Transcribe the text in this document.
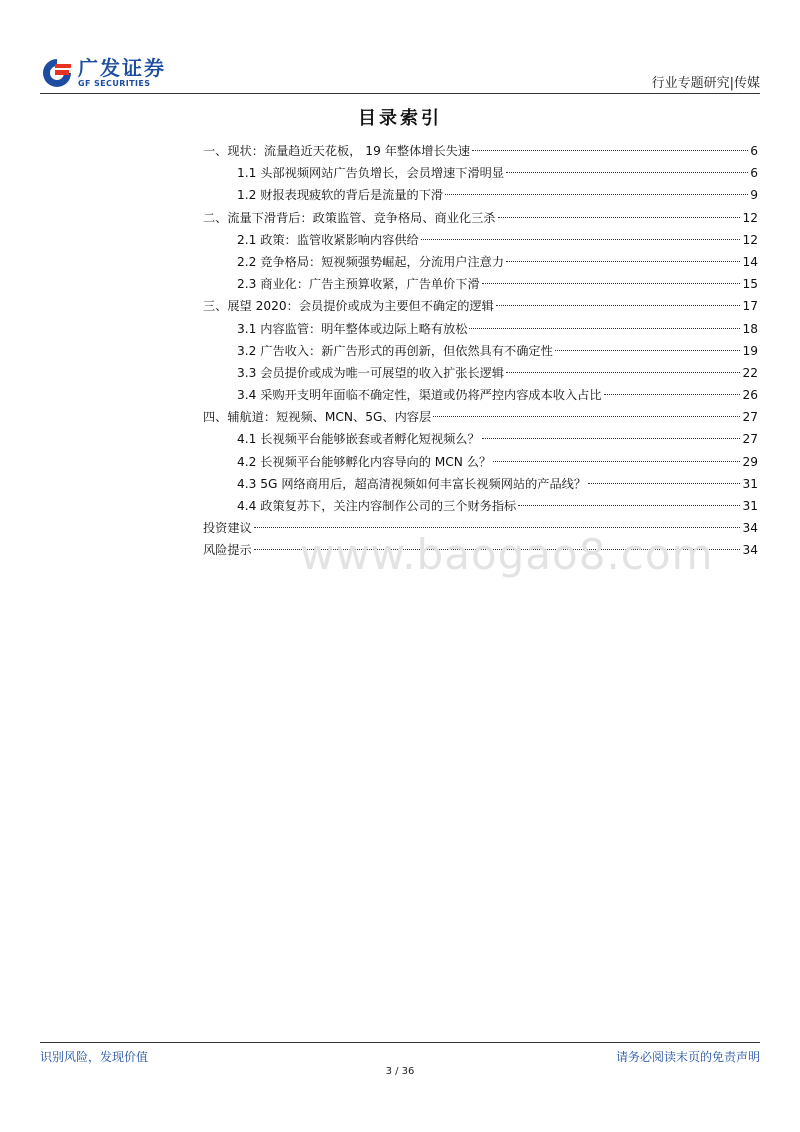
广发证券
GF SECURITIES	行业专题研究|传媒
目录索引
一、现状：流量趋近天花板， 19 年整体增长失速	6
1.1 头部视频网站广告负增长，会员增速下滑明显	6
1.2 财报表现疲软的背后是流量的下滑	9
二、流量下滑背后：政策监管、竞争格局、商业化三杀	12
2.1 政策：监管收紧影响内容供给	12
2.2 竞争格局：短视频强势崛起，分流用户注意力	14
2.3 商业化：广告主预算收紧，广告单价下滑	15
三、展望 2020：会员提价或成为主要但不确定的逻辑	17
3.1 内容监管：明年整体或边际上略有放松	18
3.2 广告收入：新广告形式的再创新，但依然具有不确定性	19
3.3 会员提价或成为唯一可展望的收入扩张长逻辑	22
3.4 采购开支明年面临不确定性，渠道或仍将严控内容成本收入占比	26
四、辅航道：短视频、MCN、5G、内容层	27
4.1 长视频平台能够嵌套或者孵化短视频么？	27
4.2 长视频平台能够孵化内容导向的 MCN 么？	29
4.3 5G 网络商用后，超高清视频如何丰富长视频网站的产品线？	31
4.4 政策复苏下，关注内容制作公司的三个财务指标	31
投资建议	34
风险提示	34
www.baogao8.com
识别风险，发现价值	请务必阅读末页的免责声明
3 / 36
